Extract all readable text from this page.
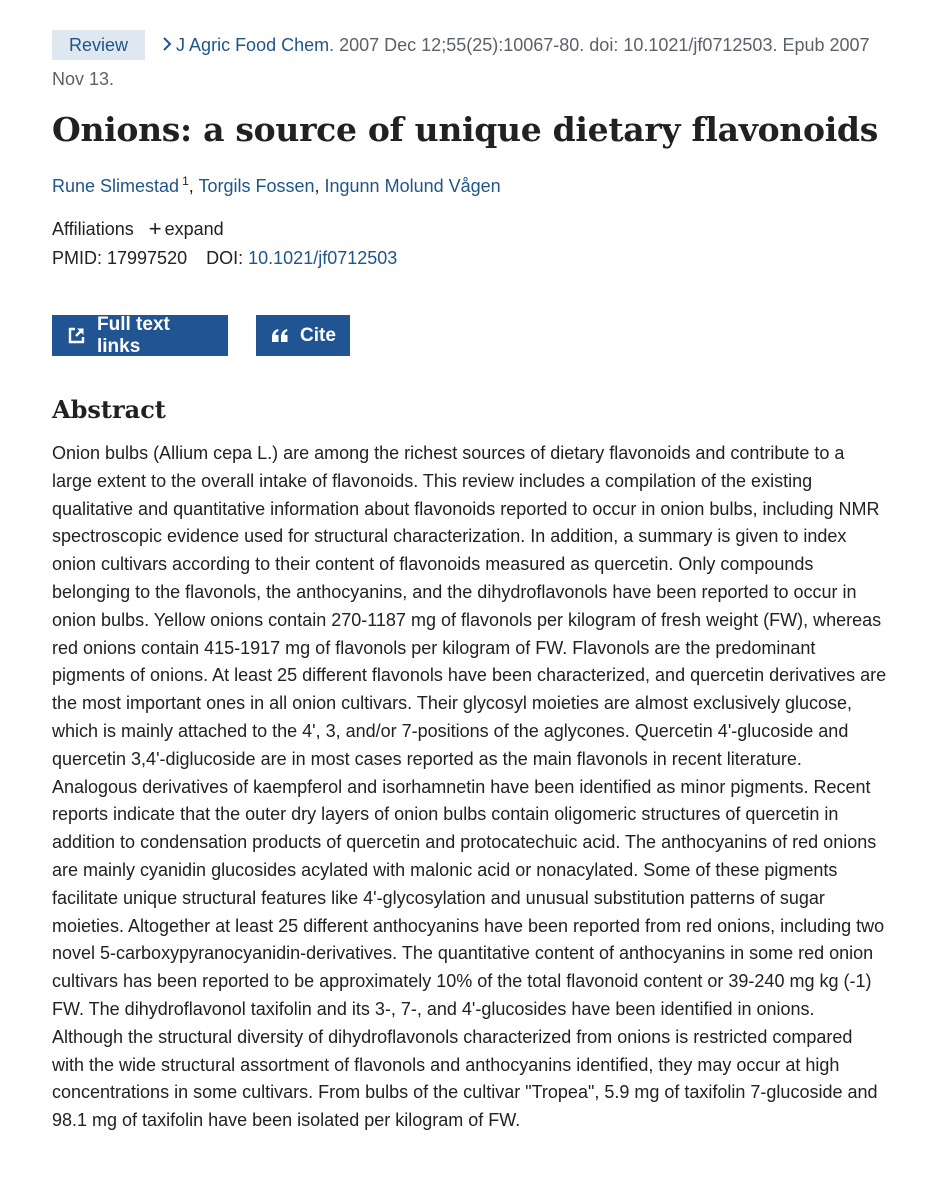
Review	J Agric Food Chem. 2007 Dec 12;55(25):10067-80. doi: 10.1021/jf0712503. Epub 2007 Nov 13.
Onions: a source of unique dietary flavonoids
Rune Slimestad $^1$, Torgils Fossen, Ingunn Molund Vågen
Affiliations + expand
PMID: 17997520 DOI: 10.1021/jf0712503
Full text links
Cite
Abstract

Onion bulbs (Allium cepa L.) are among the richest sources of dietary flavonoids and contribute to a large extent to the overall intake of flavonoids. This review includes a compilation of the existing qualitative and quantitative information about flavonoids reported to occur in onion bulbs, including NMR spectroscopic evidence used for structural characterization. In addition, a summary is given to index onion cultivars according to their content of flavonoids measured as quercetin. Only compounds belonging to the flavonols, the anthocyanins, and the dihydroflavonols have been reported to occur in onion bulbs. Yellow onions contain 270-1187 mg of flavonols per kilogram of fresh weight (FW), whereas red onions contain 415-1917 mg of flavonols per kilogram of FW. Flavonols are the predominant pigments of onions. At least 25 different flavonols have been characterized, and quercetin derivatives are the most important ones in all onion cultivars. Their glycosyl moieties are almost exclusively glucose, which is mainly attached to the 4', 3, and/or 7-positions of the aglycones. Quercetin 4'-glucoside and quercetin 3,4'-diglucoside are in most cases reported as the main flavonols in recent literature. Analogous derivatives of kaempferol and isorhamnetin have been identified as minor pigments. Recent reports indicate that the outer dry layers of onion bulbs contain oligomeric structures of quercetin in addition to condensation products of quercetin and protocatechuic acid. The anthocyanins of red onions are mainly cyanidin glucosides acylated with malonic acid or nonacylated. Some of these pigments facilitate unique structural features like 4'-glycosylation and unusual substitution patterns of sugar moieties. Altogether at least 25 different anthocyanins have been reported from red onions, including two novel 5-carboxypyranocyanidin-derivatives. The quantitative content of anthocyanins in some red onion cultivars has been reported to be approximately 10% of the total flavonoid content or 39-240 mg kg (-1) FW. The dihydroflavonol taxifolin and its 3-, 7-, and 4'-glucosides have been identified in onions. Although the structural diversity of dihydroflavonols characterized from onions is restricted compared with the wide structural assortment of flavonols and anthocyanins identified, they may occur at high concentrations in some cultivars. From bulbs of the cultivar "Tropea", 5.9 mg of taxifolin 7-glucoside and 98.1 mg of taxifolin have been isolated per kilogram of FW.
